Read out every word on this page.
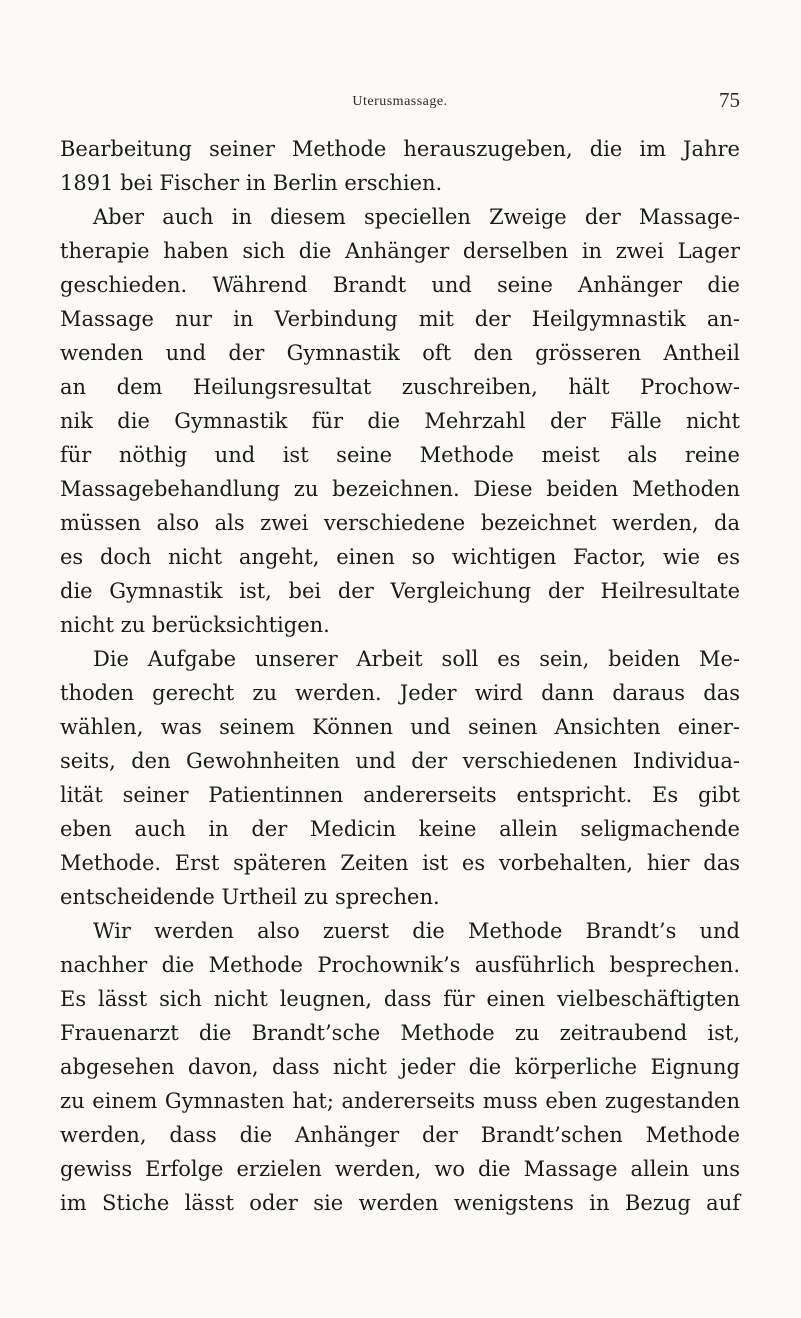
Uterusmassage.	75
Bearbeitung seiner Methode herauszugeben, die im Jahre
1891 bei Fischer in Berlin erschien.
Aber auch in diesem speciellen Zweige der Massage-
therapie haben sich die Anhänger derselben in zwei Lager
geschieden. Während Brandt und seine Anhänger die
Massage nur in Verbindung mit der Heilgymnastik an-
wenden und der Gymnastik oft den grösseren Antheil
an dem Heilungsresultat zuschreiben, hält Prochow-
nik die Gymnastik für die Mehrzahl der Fälle nicht
für nöthig und ist seine Methode meist als reine
Massagebehandlung zu bezeichnen. Diese beiden Methoden
müssen also als zwei verschiedene bezeichnet werden, da
es doch nicht angeht, einen so wichtigen Factor, wie es
die Gymnastik ist, bei der Vergleichung der Heilresultate
nicht zu berücksichtigen.
Die Aufgabe unserer Arbeit soll es sein, beiden Me-
thoden gerecht zu werden. Jeder wird dann daraus das
wählen, was seinem Können und seinen Ansichten einer-
seits, den Gewohnheiten und der verschiedenen Individua-
lität seiner Patientinnen andererseits entspricht. Es gibt
eben auch in der Medicin keine allein seligmachende
Methode. Erst späteren Zeiten ist es vorbehalten, hier das
entscheidende Urtheil zu sprechen.
Wir werden also zuerst die Methode Brandt’s und
nachher die Methode Prochownik’s ausführlich besprechen.
Es lässt sich nicht leugnen, dass für einen vielbeschäftigten
Frauenarzt die Brandt’sche Methode zu zeitraubend ist,
abgesehen davon, dass nicht jeder die körperliche Eignung
zu einem Gymnasten hat; andererseits muss eben zugestanden
werden, dass die Anhänger der Brandt’schen Methode
gewiss Erfolge erzielen werden, wo die Massage allein uns
im Stiche lässt oder sie werden wenigstens in Bezug auf
